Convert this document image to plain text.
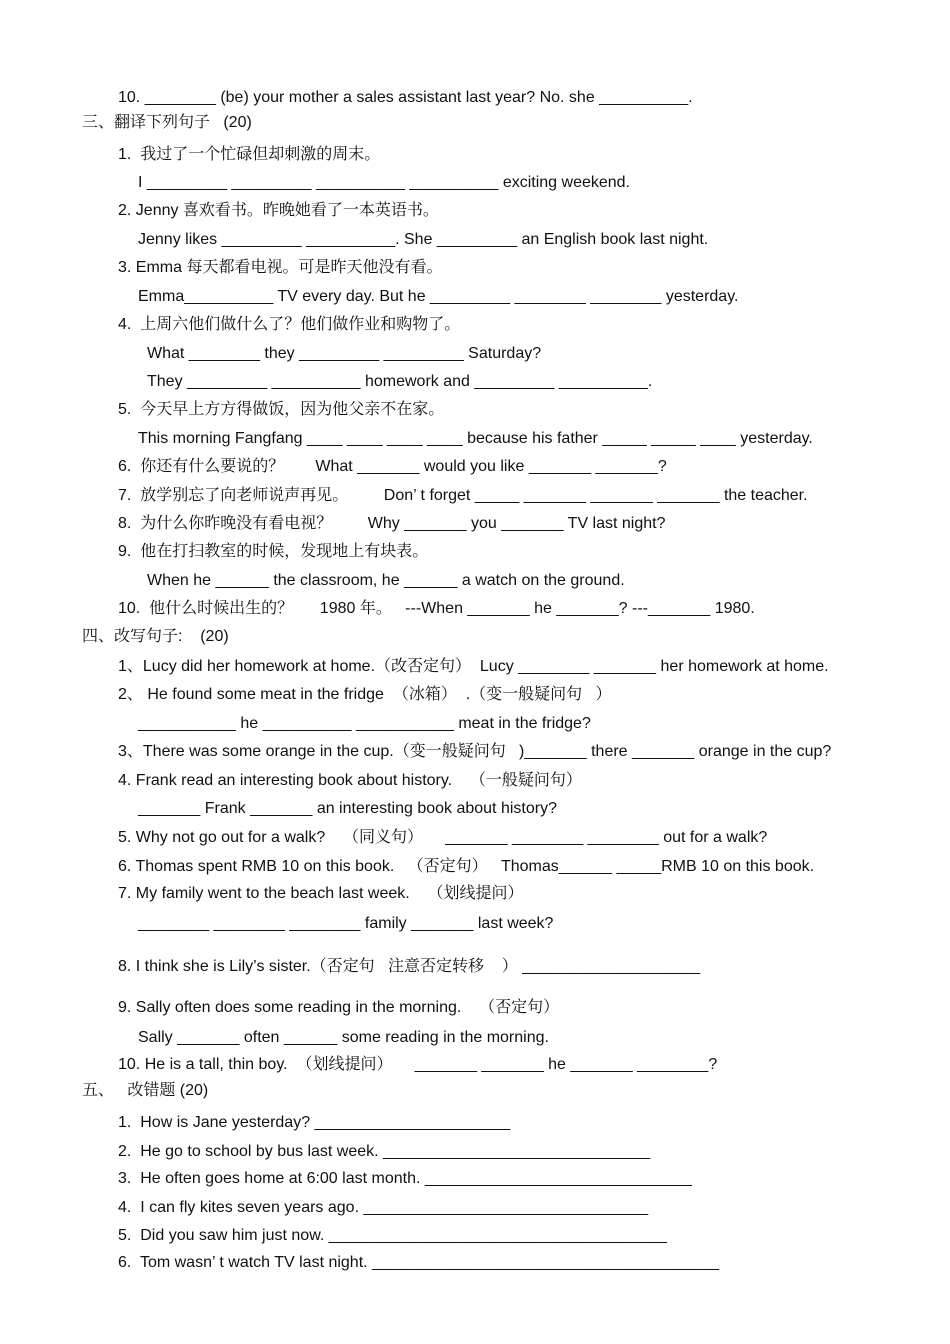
10. ________ (be) your mother a sales assistant last year? No. she __________.
三、翻译下列句子   (20)
1.  我过了一个忙碌但却刺激的周末。
I _________ _________ __________ __________ exciting weekend.
2. Jenny 喜欢看书。昨晚她看了一本英语书。
Jenny likes _________ __________. She _________ an English book last night.
3. Emma 每天都看电视。可是昨天他没有看。
Emma__________ TV every day. But he _________ ________ ________ yesterday.
4.  上周六他们做什么了？他们做作业和购物了。
What ________ they _________ _________ Saturday?
They _________ __________ homework and _________ __________.
5.  今天早上方方得做饭，因为他父亲不在家。
This morning Fangfang ____ ____ ____ ____ because his father _____ _____ ____ yesterday.
6.  你还有什么要说的？       What _______ would you like _______ _______?
7.  放学别忘了向老师说声再见。        Don’ t forget _____ _______ _______ _______ the teacher.
8.  为什么你昨晚没有看电视？        Why _______ you _______ TV last night?
9.  他在打扫教室的时候，发现地上有块表。
When he ______ the classroom, he ______ a watch on the ground.
10.  他什么时候出生的？      1980 年。   ---When _______ he _______? ---_______ 1980.
四、改写句子:    (20)
1、Lucy did her homework at home.（改否定句）  Lucy ________ _______ her homework at home.
2、 He found some meat in the fridge  （冰箱）  .（变一般疑问句   ）
___________ he __________ ___________ meat in the fridge?
3、There was some orange in the cup.（变一般疑问句   )_______ there _______ orange in the cup?
4. Frank read an interesting book about history.    （一般疑问句）
_______ Frank _______ an interesting book about history?
5. Why not go out for a walk?    （同义句）     _______ ________ ________ out for a walk?
6. Thomas spent RMB 10 on this book.   （否定句）   Thomas______ _____RMB 10 on this book.
7. My family went to the beach last week.    （划线提问）
________ ________ ________ family _______ last week?
8. I think she is Lily’s sister.（否定句   注意否定转移    ） ____________________
9. Sally often does some reading in the morning.    （否定句）
Sally _______ often ______ some reading in the morning.
10. He is a tall, thin boy.  （划线提问）     _______ _______ he _______ ________?
五、   改错题 (20)
1.  How is Jane yesterday? ______________________
2.  He go to school by bus last week. ______________________________
3.  He often goes home at 6:00 last month. ______________________________
4.  I can fly kites seven years ago. ________________________________
5.  Did you saw him just now. ______________________________________
6.  Tom wasn’ t watch TV last night. _______________________________________
